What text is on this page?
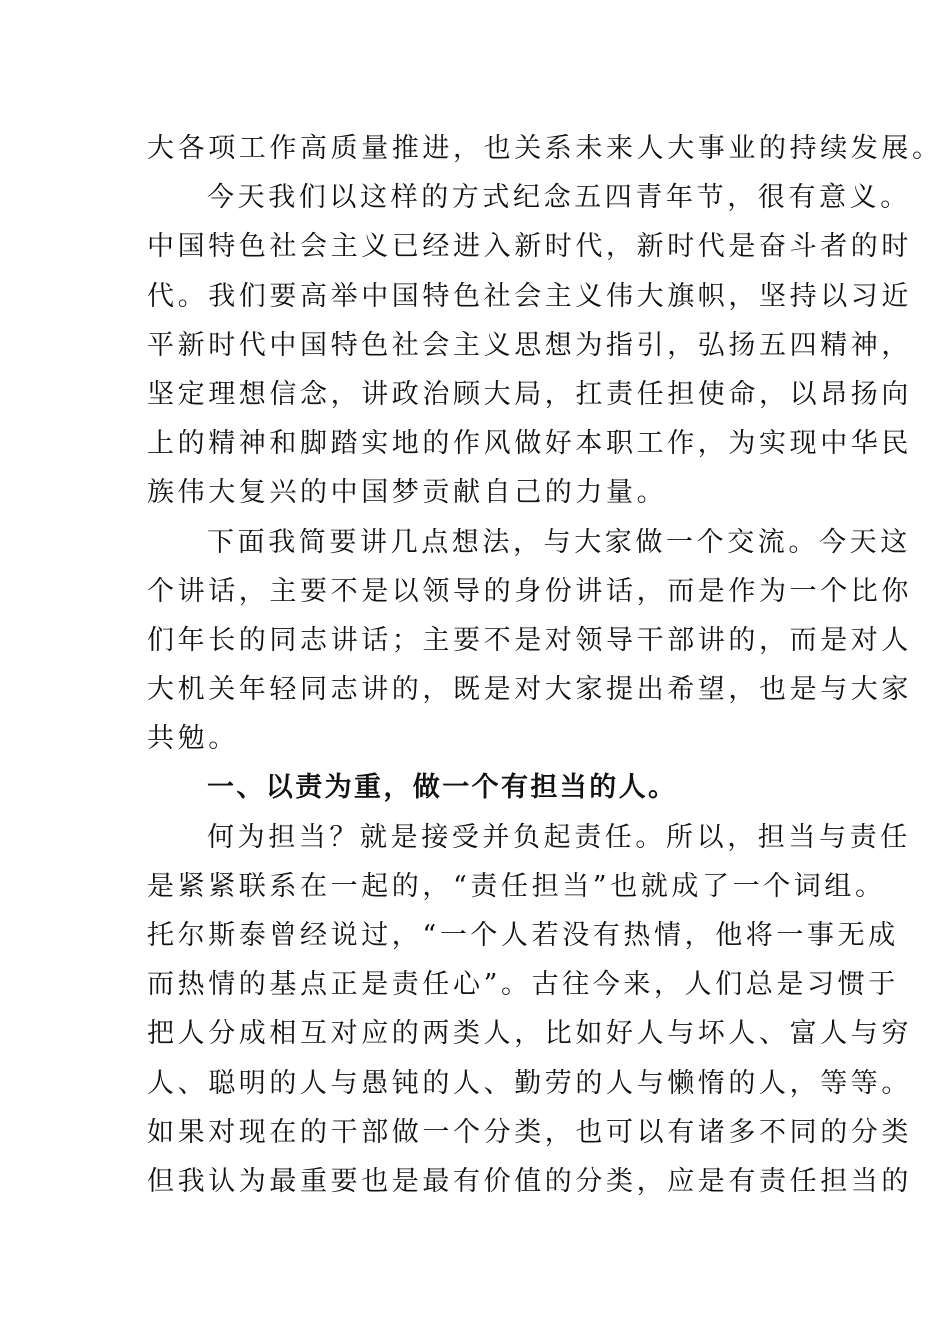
大各项工作高质量推进，也关系未来人大事业的持续发展。
今天我们以这样的方式纪念五四青年节，很有意义。
中国特色社会主义已经进入新时代，新时代是奋斗者的时
代。我们要高举中国特色社会主义伟大旗帜，坚持以习近
平新时代中国特色社会主义思想为指引，弘扬五四精神，
坚定理想信念，讲政治顾大局，扛责任担使命，以昂扬向
上的精神和脚踏实地的作风做好本职工作，为实现中华民
族伟大复兴的中国梦贡献自己的力量。
下面我简要讲几点想法，与大家做一个交流。今天这
个讲话，主要不是以领导的身份讲话，而是作为一个比你
们年长的同志讲话；主要不是对领导干部讲的，而是对人
大机关年轻同志讲的，既是对大家提出希望，也是与大家
共勉。
一、以责为重，做一个有担当的人。
何为担当？就是接受并负起责任。所以，担当与责任
是紧紧联系在一起的，“责任担当”也就成了一个词组。
托尔斯泰曾经说过，“一个人若没有热情，他将一事无成
而热情的基点正是责任心”。古往今来，人们总是习惯于
把人分成相互对应的两类人，比如好人与坏人、富人与穷
人、聪明的人与愚钝的人、勤劳的人与懒惰的人，等等。
如果对现在的干部做一个分类，也可以有诸多不同的分类
但我认为最重要也是最有价值的分类，应是有责任担当的
